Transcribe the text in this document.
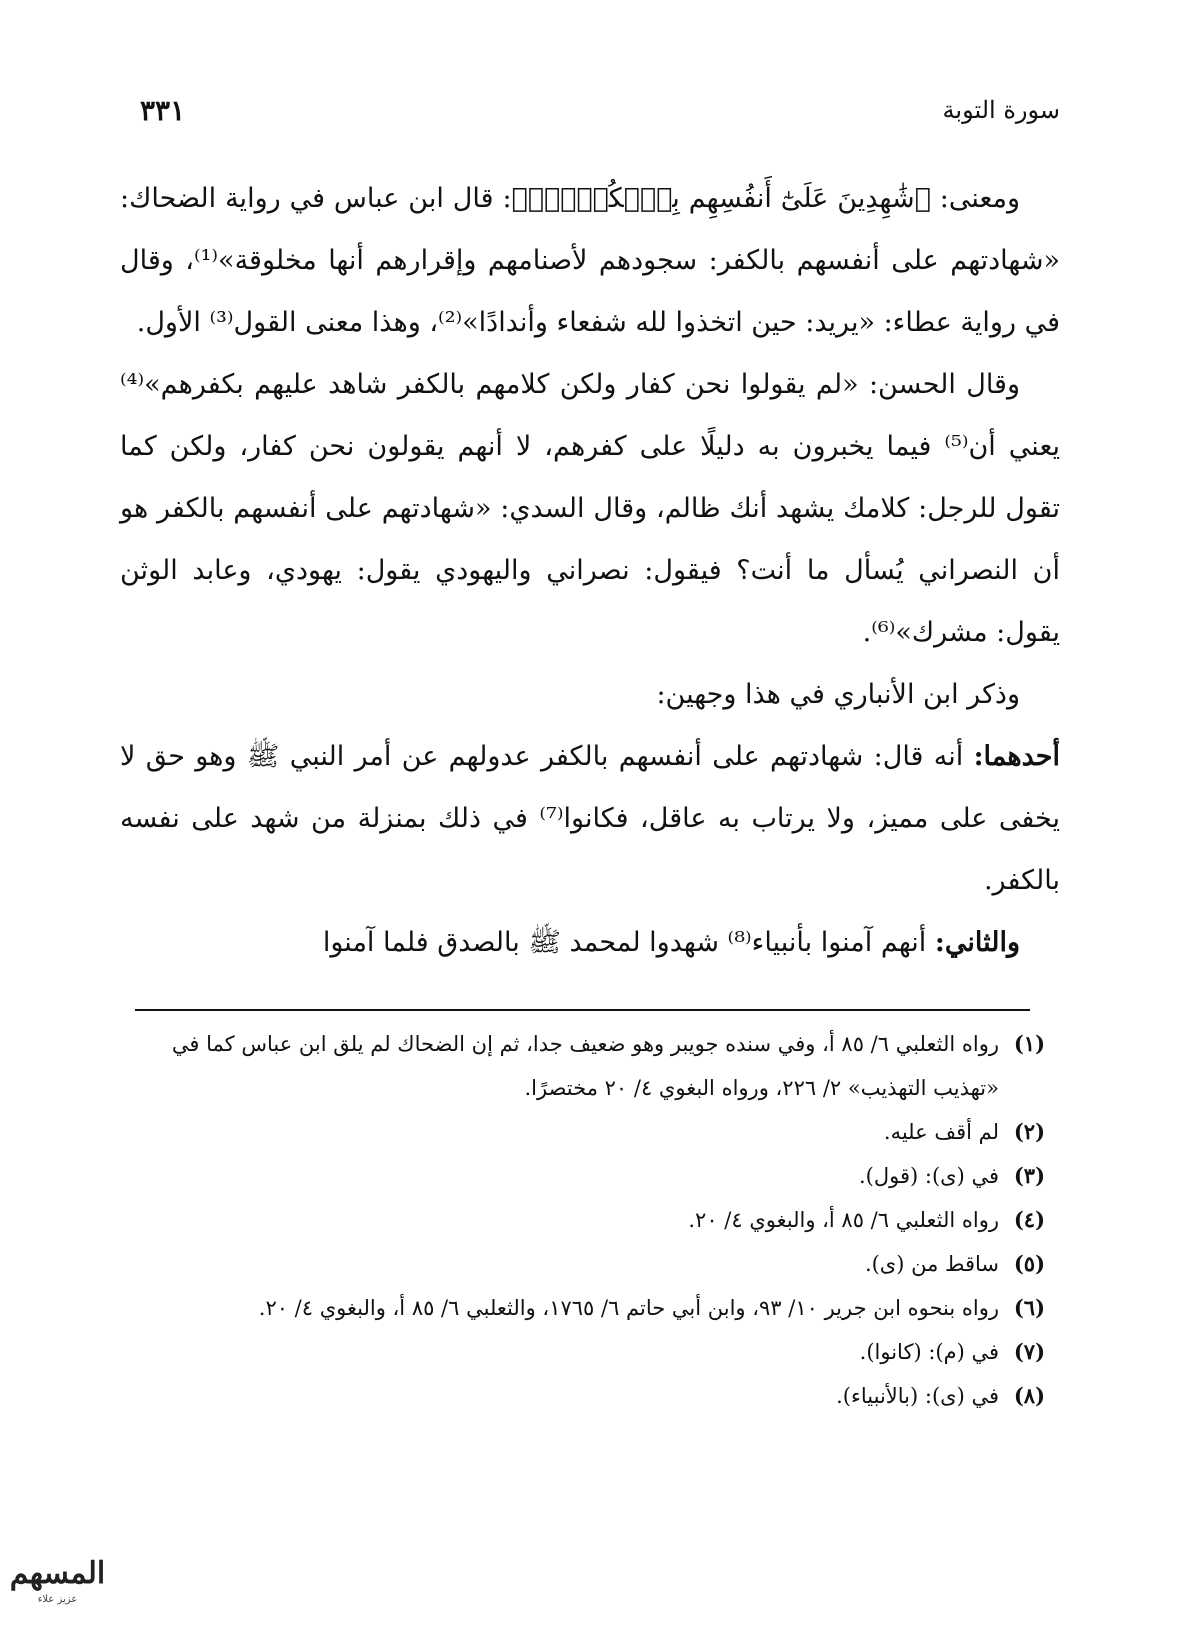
سورة التوبة
٣٣١

ومعنى: ﴿شَٰهِدِينَ عَلَىٰٓ أَنفُسِهِم بِٱلۡكُفۡرِۚ﴾: قال ابن عباس في رواية الضحاك: «شهادتهم على أنفسهم بالكفر: سجودهم لأصنامهم وإقرارهم أنها مخلوقة»⁽¹⁾، وقال في رواية عطاء: «يريد: حين اتخذوا لله شفعاء وأندادًا»⁽²⁾، وهذا معنى القول⁽³⁾ الأول.

وقال الحسن: «لم يقولوا نحن كفار ولكن كلامهم بالكفر شاهد عليهم بكفرهم»⁽⁴⁾ يعني أن⁽⁵⁾ فيما يخبرون به دليلًا على كفرهم، لا أنهم يقولون نحن كفار، ولكن كما تقول للرجل: كلامك يشهد أنك ظالم، وقال السدي: «شهادتهم على أنفسهم بالكفر هو أن النصراني يُسأل ما أنت؟ فيقول: نصراني واليهودي يقول: يهودي، وعابد الوثن يقول: مشرك»⁽⁶⁾.

وذكر ابن الأنباري في هذا وجهين:

أحدهما: أنه قال: شهادتهم على أنفسهم بالكفر عدولهم عن أمر النبي ﷺ وهو حق لا يخفى على مميز، ولا يرتاب به عاقل، فكانوا⁽⁷⁾ في ذلك بمنزلة من شهد على نفسه بالكفر.

والثاني: أنهم آمنوا بأنبياء⁽⁸⁾ شهدوا لمحمد ﷺ بالصدق فلما آمنوا

(١)
رواه الثعلبي ٦/ ٨٥ أ، وفي سنده جويبر وهو ضعيف جدا، ثم إن الضحاك لم يلق ابن عباس كما في «تهذيب التهذيب» ٢/ ٢٢٦، ورواه البغوي ٤/ ٢٠ مختصرًا.
(٢)
لم أقف عليه.
(٣)
في (ى): (قول).
(٤)
رواه الثعلبي ٦/ ٨٥ أ، والبغوي ٤/ ٢٠.
(٥)
ساقط من (ى).
(٦)
رواه بنحوه ابن جرير ١٠/ ٩٣، وابن أبي حاتم ٦/ ١٧٦٥، والثعلبي ٦/ ٨٥ أ، والبغوي ٤/ ٢٠.
(٧)
في (م): (كانوا).
(٨)
في (ى): (بالأنبياء).
المسهم
عزيز علاء
